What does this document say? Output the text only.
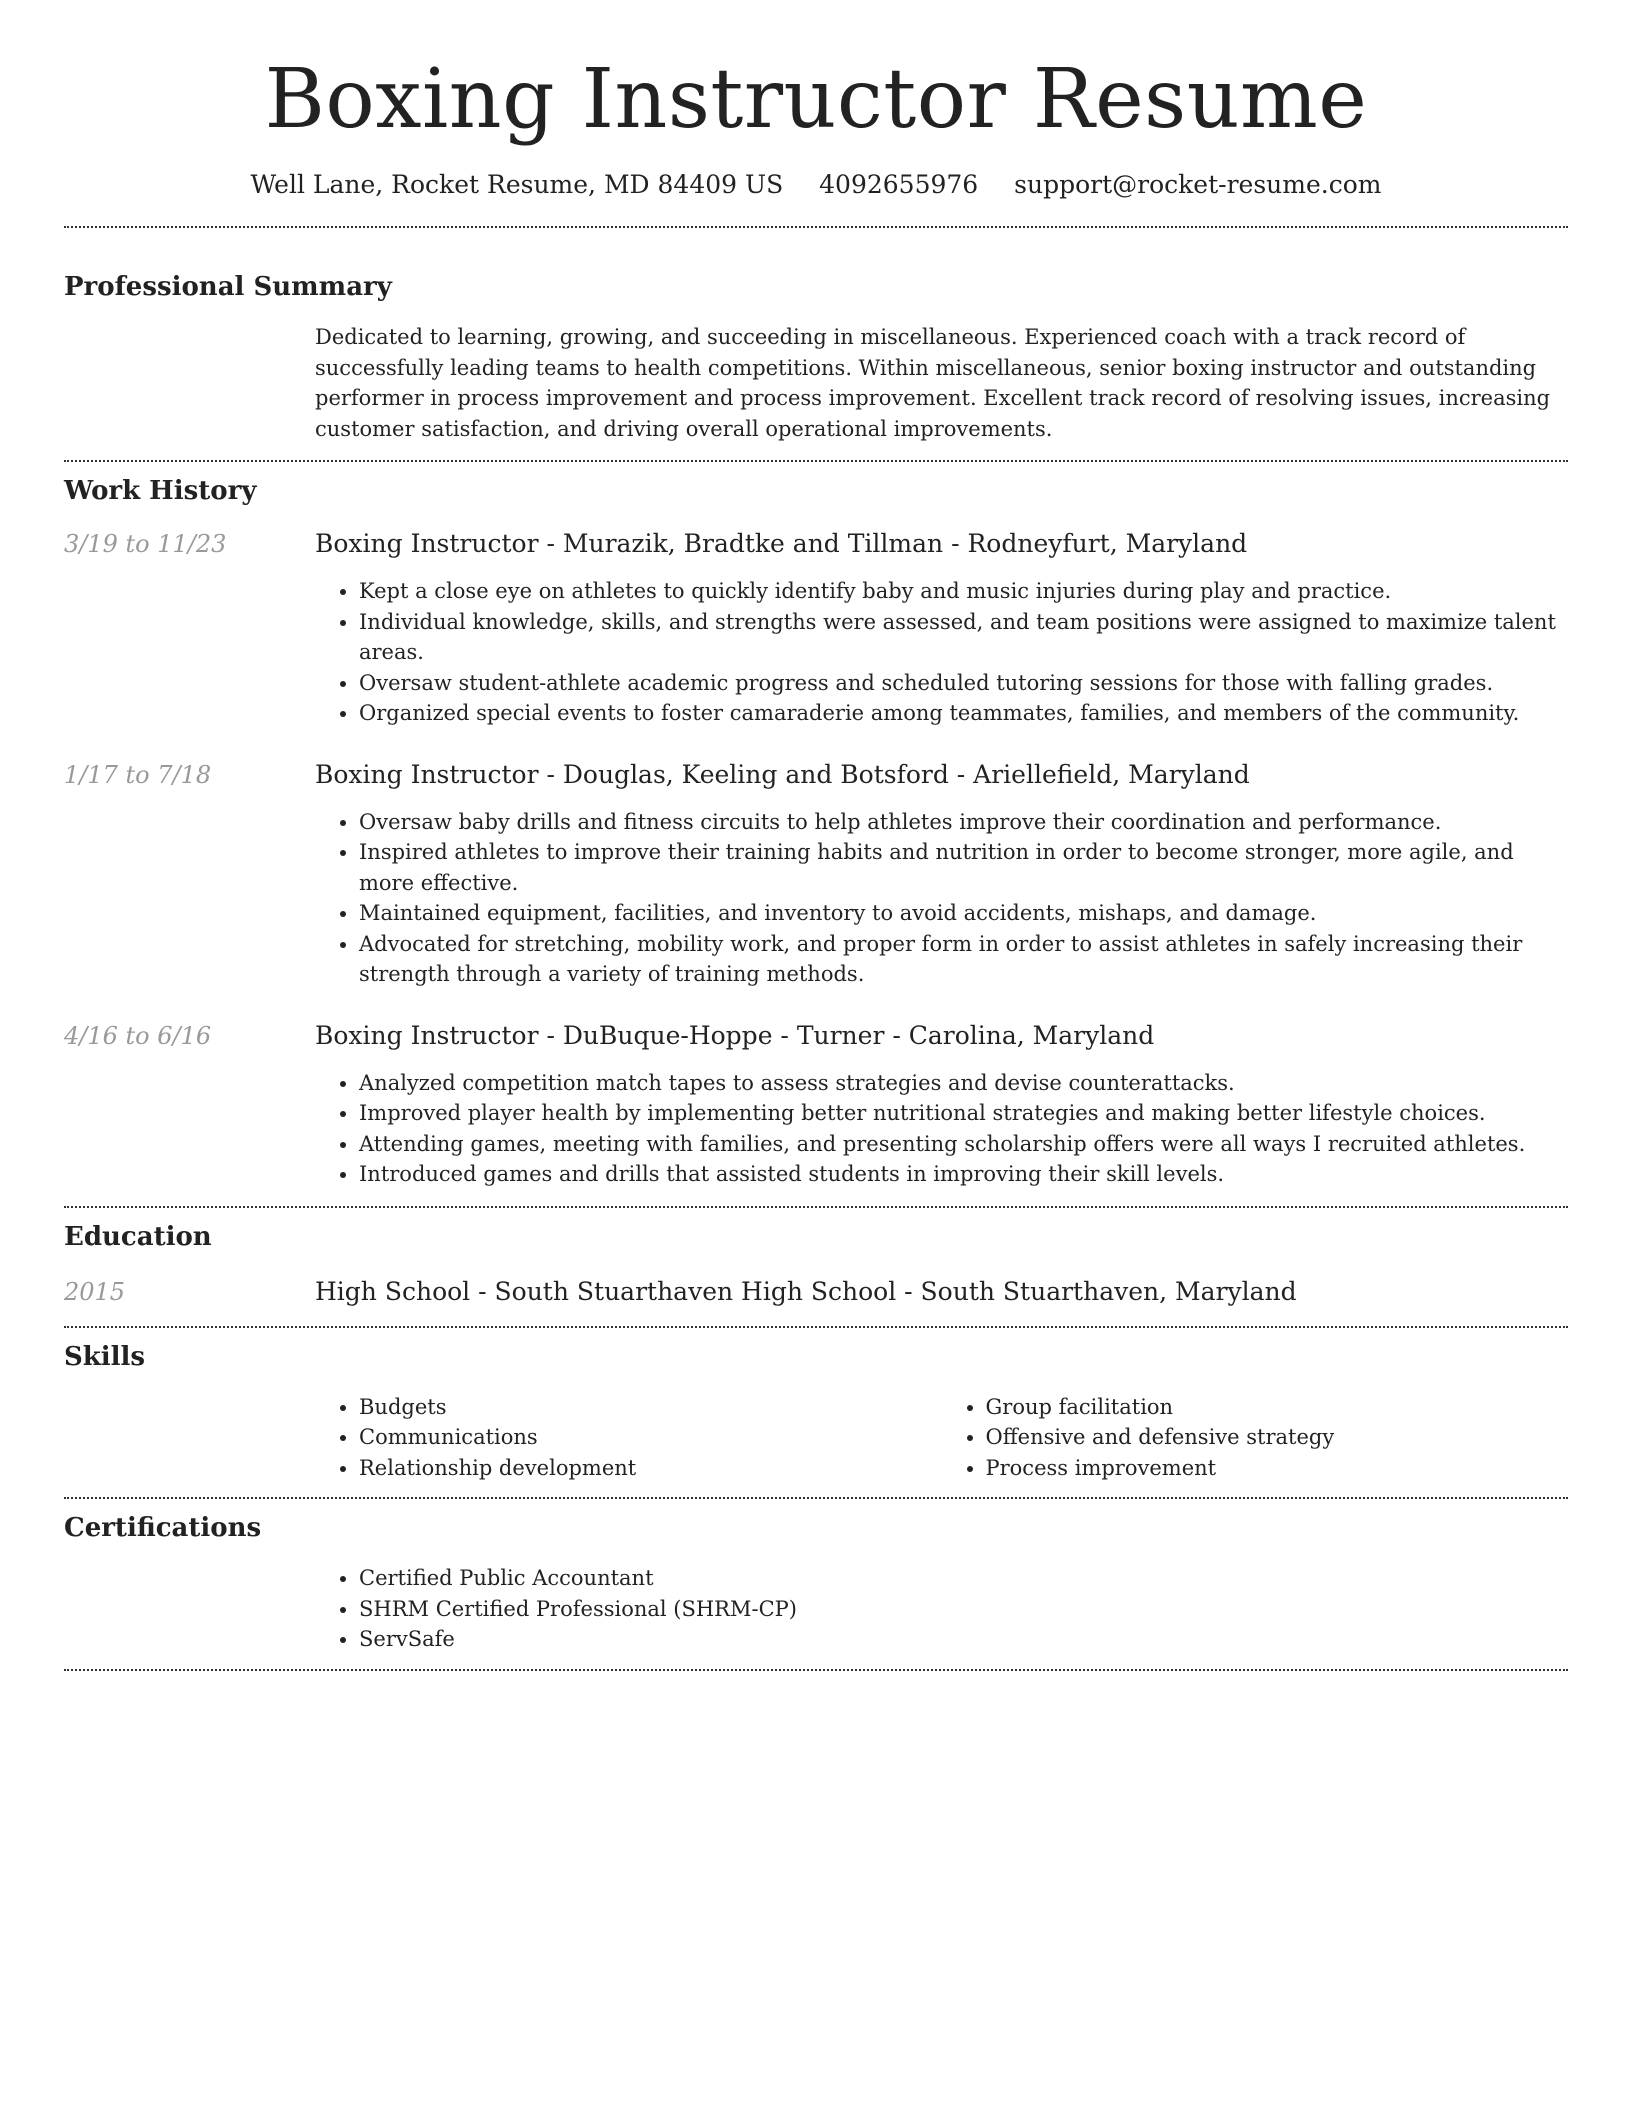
Boxing Instructor Resume
Well Lane, Rocket Resume, MD 84409 US 4092655976 support@rocket-resume.com
Professional Summary
Dedicated to learning, growing, and succeeding in miscellaneous. Experienced coach with a track record of successfully leading teams to health competitions. Within miscellaneous, senior boxing instructor and outstanding performer in process improvement and process improvement. Excellent track record of resolving issues, increasing customer satisfaction, and driving overall operational improvements.
Work History
3/19 to 11/23	Boxing Instructor - Murazik, Bradtke and Tillman - Rodneyfurt, Maryland
• Kept a close eye on athletes to quickly identify baby and music injuries during play and practice.
• Individual knowledge, skills, and strengths were assessed, and team positions were assigned to maximize talent areas.
• Oversaw student-athlete academic progress and scheduled tutoring sessions for those with falling grades.
• Organized special events to foster camaraderie among teammates, families, and members of the community.
1/17 to 7/18	Boxing Instructor - Douglas, Keeling and Botsford - Ariellefield, Maryland
• Oversaw baby drills and fitness circuits to help athletes improve their coordination and performance.
• Inspired athletes to improve their training habits and nutrition in order to become stronger, more agile, and more effective.
• Maintained equipment, facilities, and inventory to avoid accidents, mishaps, and damage.
• Advocated for stretching, mobility work, and proper form in order to assist athletes in safely increasing their strength through a variety of training methods.
4/16 to 6/16	Boxing Instructor - DuBuque-Hoppe - Turner - Carolina, Maryland
• Analyzed competition match tapes to assess strategies and devise counterattacks.
• Improved player health by implementing better nutritional strategies and making better lifestyle choices.
• Attending games, meeting with families, and presenting scholarship offers were all ways I recruited athletes.
• Introduced games and drills that assisted students in improving their skill levels.
Education
2015	High School - South Stuarthaven High School - South Stuarthaven, Maryland
Skills
• Budgets
• Communications
• Relationship development
• Group facilitation
• Offensive and defensive strategy
• Process improvement
Certifications
• Certified Public Accountant
• SHRM Certified Professional (SHRM-CP)
• ServSafe
